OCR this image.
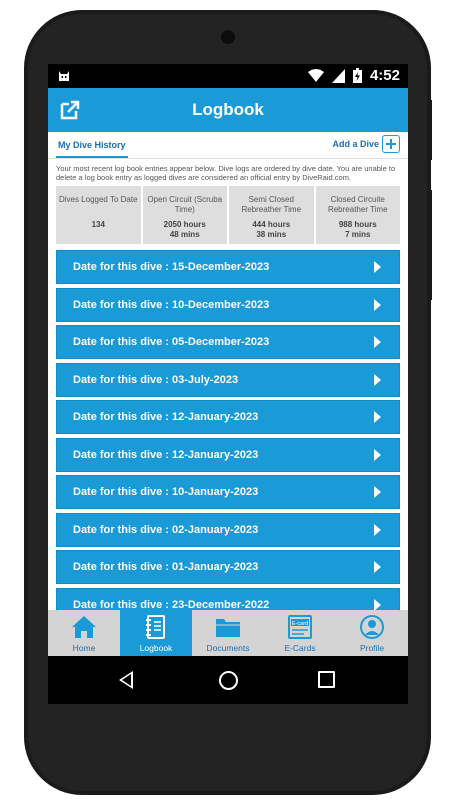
4:52
Logbook
My Dive History	Add a Dive
Your most recent log book entries appear below. Dive logs are ordered by dive date. You are unable to delete a log book entry as logged dives are considered an official entry by DiveRaid.com.
Dives Logged To Date
134
Open Circuit (Scruba Time)
2050 hours
48 mins
Semi Closed Rebreather Time
444 hours
38 mins
Closed Circuite Rebreather Time
988 hours
7 mins
Date for this dive : 15-December-2023
Date for this dive : 10-December-2023
Date for this dive : 05-December-2023
Date for this dive : 03-July-2023
Date for this dive : 12-January-2023
Date for this dive : 12-January-2023
Date for this dive : 10-January-2023
Date for this dive : 02-January-2023
Date for this dive : 01-January-2023
Date for this dive : 23-December-2022
Home	Logbook	Documents
E-card
E-Cards	Profile
